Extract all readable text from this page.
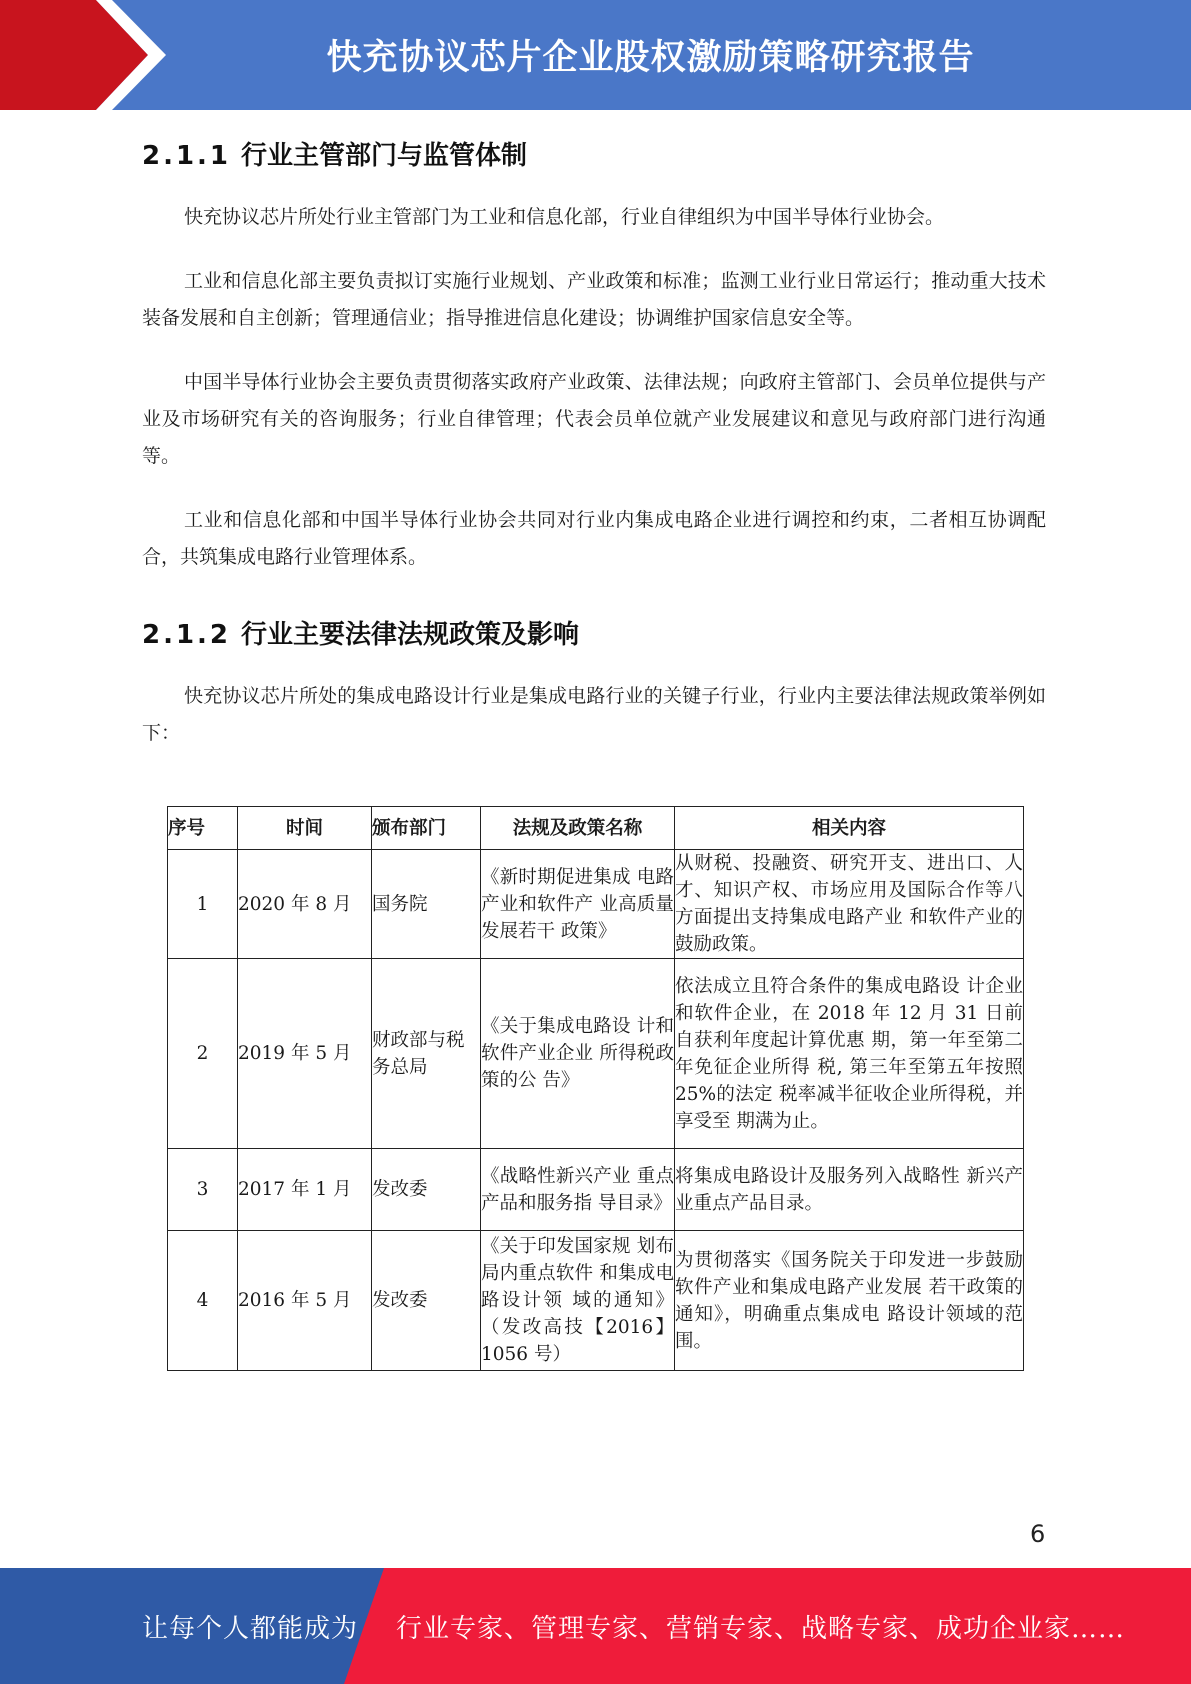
快充协议芯片企业股权激励策略研究报告
2.1.1 行业主管部门与监管体制

快充协议芯片所处行业主管部门为工业和信息化部，行业自律组织为中国半导体行业协会。

工业和信息化部主要负责拟订实施行业规划、产业政策和标准；监测工业行业日常运行；推动重大技术装备发展和自主创新；管理通信业；指导推进信息化建设；协调维护国家信息安全等。

中国半导体行业协会主要负责贯彻落实政府产业政策、法律法规；向政府主管部门、会员单位提供与产业及市场研究有关的咨询服务；行业自律管理；代表会员单位就产业发展建议和意见与政府部门进行沟通等。

工业和信息化部和中国半导体行业协会共同对行业内集成电路企业进行调控和约束，二者相互协调配合，共筑集成电路行业管理体系。

2.1.2 行业主要法律法规政策及影响

快充协议芯片所处的集成电路设计行业是集成电路行业的关键子行业，行业内主要法律法规政策举例如下：

序号	时间	颁布部门	法规及政策名称	相关内容
1	2020 年 8 月	国务院	《新时期促进集成 电路产业和软件产 业高质量发展若干 政策》	从财税、投融资、研究开支、进出口、人才、知识产权、市场应用及国际合作等八方面提出支持集成电路产业 和软件产业的鼓励政策。
2	2019 年 5 月	财政部与税务总局	《关于集成电路设 计和软件产业企业 所得税政策的公 告》	依法成立且符合条件的集成电路设 计企业和软件企业，在 2018 年 12 月 31 日前自获利年度起计算优惠 期，第一年至第二年免征企业所得 税, 第三年至第五年按照 25%的法定 税率减半征收企业所得税，并享受至 期满为止。
3	2017 年 1 月	发改委	《战略性新兴产业 重点产品和服务指 导目录》	将集成电路设计及服务列入战略性 新兴产业重点产品目录。
4	2016 年 5 月	发改委	《关于印发国家规 划布局内重点软件 和集成电路设计领 域的通知》（发改高技【2016】1056 号）	为贯彻落实《国务院关于印发进一步鼓励软件产业和集成电路产业发展 若干政策的通知》，明确重点集成电 路设计领域的范围。
6
让每个人都能成为 行业专家、管理专家、营销专家、战略专家、成功企业家……
